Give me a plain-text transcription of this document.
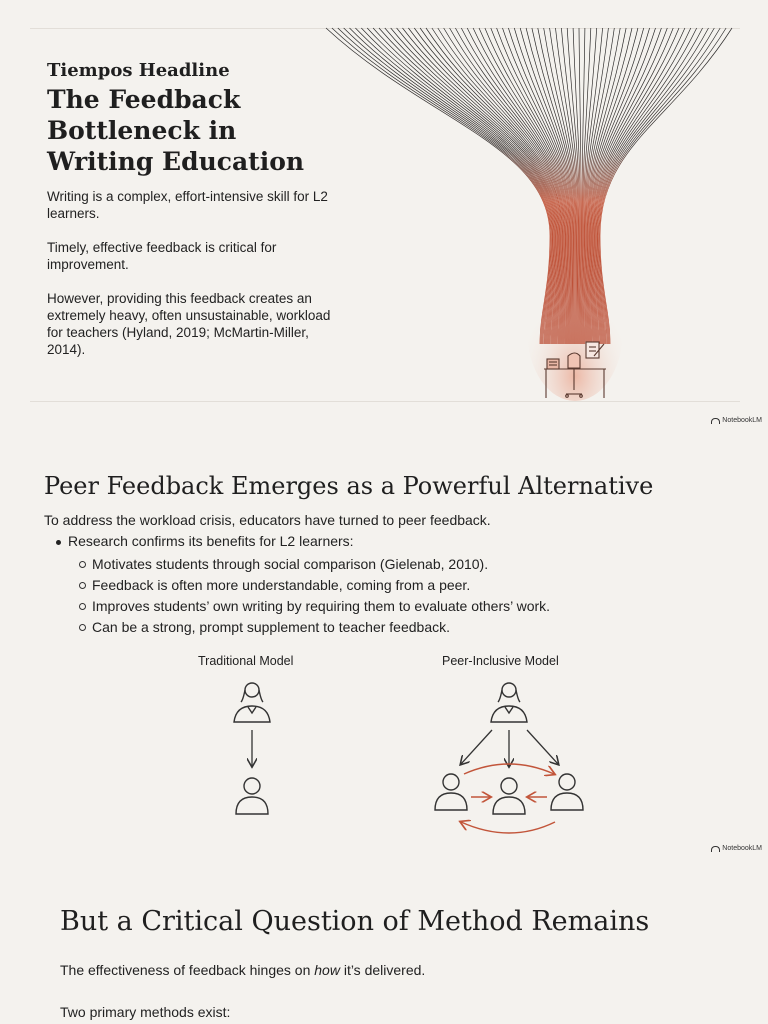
Tiempos Headline
The Feedback Bottleneck in Writing Education

Writing is a complex, effort-intensive skill for L2 learners.

Timely, effective feedback is critical for improvement.

However, providing this feedback creates an extremely heavy, often unsustainable, workload for teachers (Hyland, 2019; McMartin-Miller, 2014).

NotebookLM
Peer Feedback Emerges as a Powerful Alternative

To address the workload crisis, educators have turned to peer feedback.

Research confirms its benefits for L2 learners:
Motivates students through social comparison (Gielenab, 2010).
Feedback is often more understandable, coming from a peer.
Improves students’ own writing by requiring them to evaluate others’ work.
Can be a strong, prompt supplement to teacher feedback.
Traditional Model	Peer-Inclusive Model
NotebookLM
But a Critical Question of Method Remains

The effectiveness of feedback hinges on how it’s delivered.

Two primary methods exist:
